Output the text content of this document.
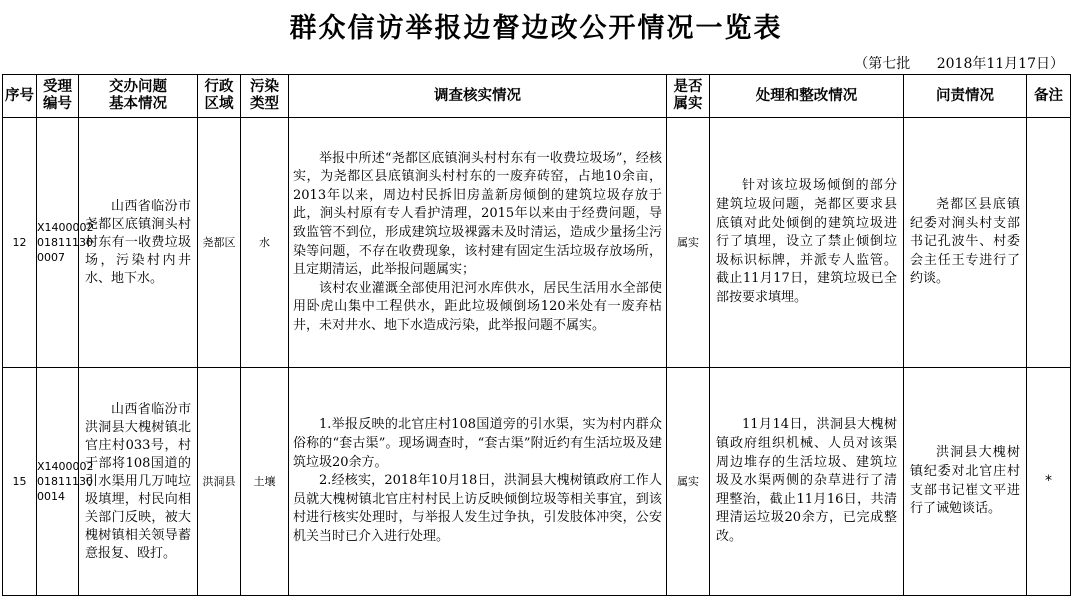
群众信访举报边督边改公开情况一览表
（第七批 2018年11月17日）
序号	受理编号	交办问题基本情况	行政区域	污染类型	调查核实情况	是否属实	处理和整改情况	问责情况	备注
12	X1400002018111300007	山西省临汾市尧都区底镇涧头村村东有一收费垃圾场，污染村内井水、地下水。	尧都区	水	举报中所述“尧都区底镇涧头村村东有一收费垃圾场”，经核实，为尧都区县底镇涧头村村东的一废弃砖窑，占地10余亩，2013年以来，周边村民拆旧房盖新房倾倒的建筑垃圾存放于此，涧头村原有专人看护清理，2015年以来由于经费问题，导致监管不到位，形成建筑垃圾裸露未及时清运，造成少量扬尘污染等问题，不存在收费现象，该村建有固定生活垃圾存放场所，且定期清运，此举报问题属实；
该村农业灌溉全部使用汜河水库供水，居民生活用水全部使用卧虎山集中工程供水，距此垃圾倾倒场120米处有一废弃枯井，未对井水、地下水造成污染，此举报问题不属实。	属实	针对该垃圾场倾倒的部分建筑垃圾问题，尧都区要求县底镇对此处倾倒的建筑垃圾进行了填埋，设立了禁止倾倒垃圾标识标牌，并派专人监管。截止11月17日，建筑垃圾已全部按要求填埋。	尧都区县底镇纪委对涧头村支部书记孔波牛、村委会主任王专进行了约谈。	

15	X1400002018111300014	山西省临汾市洪洞县大槐树镇北官庄村033号，村干部将108国道的引水渠用几万吨垃圾填埋，村民向相关部门反映，被大槐树镇相关领导蓄意报复、殴打。	洪洞县	土壤	1.举报反映的北官庄村108国道旁的引水渠，实为村内群众俗称的“套古渠”。现场调查时，“套古渠”附近约有生活垃圾及建筑垃圾20余方。
2.经核实，2018年10月18日，洪洞县大槐树镇政府工作人员就大槐树镇北官庄村村民上访反映倾倒垃圾等相关事宜，到该村进行核实处理时，与举报人发生过争执，引发肢体冲突，公安机关当时已介入进行处理。	属实	11月14日，洪洞县大槐树镇政府组织机械、人员对该渠周边堆存的生活垃圾、建筑垃圾及水渠两侧的杂草进行了清理整治，截止11月16日，共清理清运垃圾20余方，已完成整改。	洪洞县大槐树镇纪委对北官庄村支部书记崔文平进行了诫勉谈话。	*
